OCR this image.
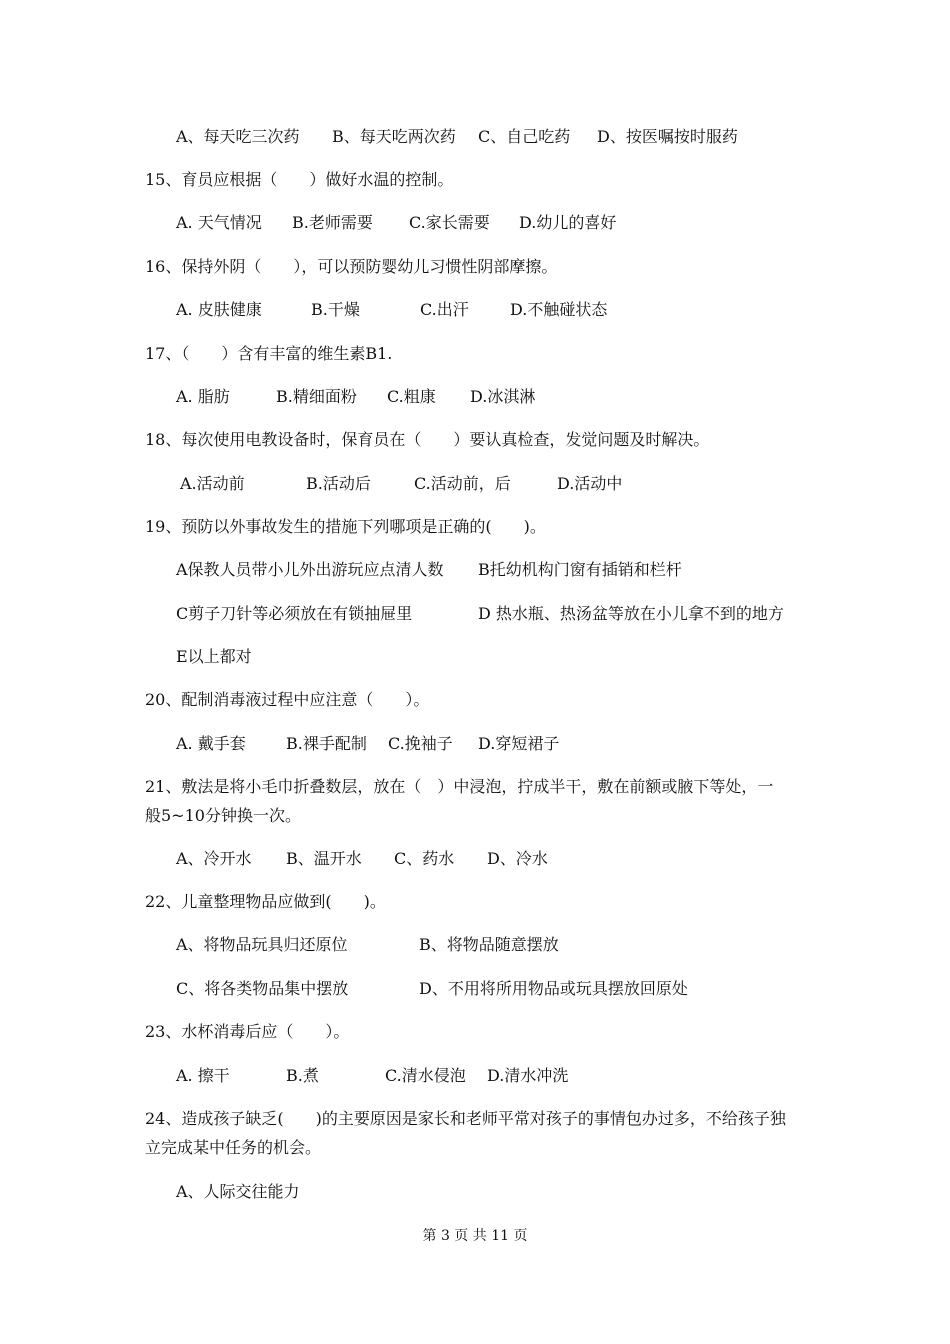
A、每天吃三次药 B、每天吃两次药 C、自己吃药 D、按医嘱按时服药
15、育员应根据（　　）做好水温的控制。
A. 天气情况 B.老师需要 C.家长需要 D.幼儿的喜好
16、保持外阴（　　），可以预防婴幼儿习惯性阴部摩擦。
A. 皮肤健康	B.干燥	C.出汗	D.不触碰状态
17、（　　）含有丰富的维生素B1.
A. 脂肪	B.精细面粉 C.粗康 D.冰淇淋
18、每次使用电教设备时，保育员在（　　）要认真检查，发觉问题及时解决。
A.活动前	B.活动后	C.活动前，后	D.活动中
19、预防以外事故发生的措施下列哪项是正确的(　　)。
A保教人员带小儿外出游玩应点清人数 B托幼机构门窗有插销和栏杆
C剪子刀针等必须放在有锁抽屉里	D 热水瓶、热汤盆等放在小儿拿不到的地方
E以上都对
20、配制消毒液过程中应注意（　　）。
A. 戴手套	B.裸手配制 C.挽袖子 D.穿短裙子
21、敷法是将小毛巾折叠数层，放在（　）中浸泡，拧成半干，敷在前额或腋下等处，一
般5~10分钟换一次。
A、冷开水 B、温开水 C、药水 D、冷水
22、儿童整理物品应做到(　　)。
A、将物品玩具归还原位	B、将物品随意摆放
C、将各类物品集中摆放	D、不用将所用物品或玩具摆放回原处
23、水杯消毒后应（　　）。
A. 擦干	B.煮	C.清水侵泡 D.清水冲洗
24、造成孩子缺乏(　　)的主要原因是家长和老师平常对孩子的事情包办过多，不给孩子独
立完成某中任务的机会。
A、人际交往能力
第 3 页 共 11 页
